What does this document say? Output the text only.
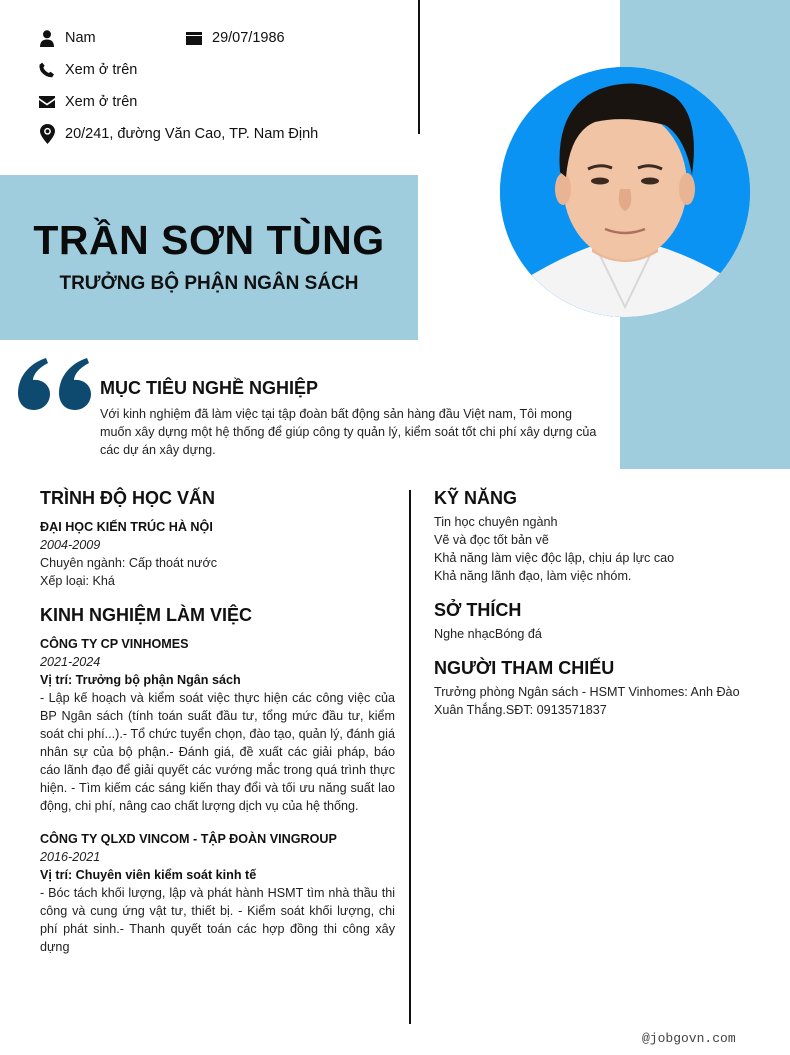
Nam	29/07/1986
Xem ở trên
Xem ở trên
20/241, đường Văn Cao, TP. Nam Định
TRẦN SƠN TÙNG
TRƯỞNG BỘ PHẬN NGÂN SÁCH
MỤC TIÊU NGHỀ NGHIỆP
Với kinh nghiệm đã làm việc tại tập đoàn bất động sản hàng đầu Việt nam, Tôi mong muốn xây dựng một hệ thống để giúp công ty quản lý, kiểm soát tốt chi phí xây dựng của các dự án xây dựng.
TRÌNH ĐỘ HỌC VẤN
ĐẠI HỌC KIẾN TRÚC HÀ NỘI
2004-2009
Chuyên ngành: Cấp thoát nước
Xếp loại: Khá
KINH NGHIỆM LÀM VIỆC
CÔNG TY CP VINHOMES
2021-2024
Vị trí: Trưởng bộ phận Ngân sách
- Lập kế hoạch và kiểm soát việc thực hiện các công việc của BP Ngân sách (tính toán suất đầu tư, tổng mức đầu tư, kiểm soát chi phí...).- Tổ chức tuyển chọn, đào tạo, quản lý, đánh giá nhân sự của bộ phận.- Đánh giá, đề xuất các giải pháp, báo cáo lãnh đạo để giải quyết các vướng mắc trong quá trình thực hiện. - Tìm kiếm các sáng kiến thay đổi và tối ưu năng suất lao động, chi phí, nâng cao chất lượng dịch vụ của hệ thống.
CÔNG TY QLXD VINCOM - TẬP ĐOÀN VINGROUP
2016-2021
Vị trí: Chuyên viên kiểm soát kinh tế
- Bóc tách khối lượng, lập và phát hành HSMT tìm nhà thầu thi công và cung ứng vật tư, thiết bị. - Kiểm soát khối lượng, chi phí phát sinh.- Thanh quyết toán các hợp đồng thi công xây dựng
KỸ NĂNG
Tin học chuyên ngành
Vẽ và đọc tốt bản vẽ
Khả năng làm việc độc lập, chịu áp lực cao
Khả năng lãnh đạo, làm việc nhóm.
SỞ THÍCH
Nghe nhạcBóng đá
NGƯỜI THAM CHIẾU
Trưởng phòng Ngân sách - HSMT Vinhomes: Anh Đào Xuân Thắng.SĐT: 0913571837
@jobgovn.com
